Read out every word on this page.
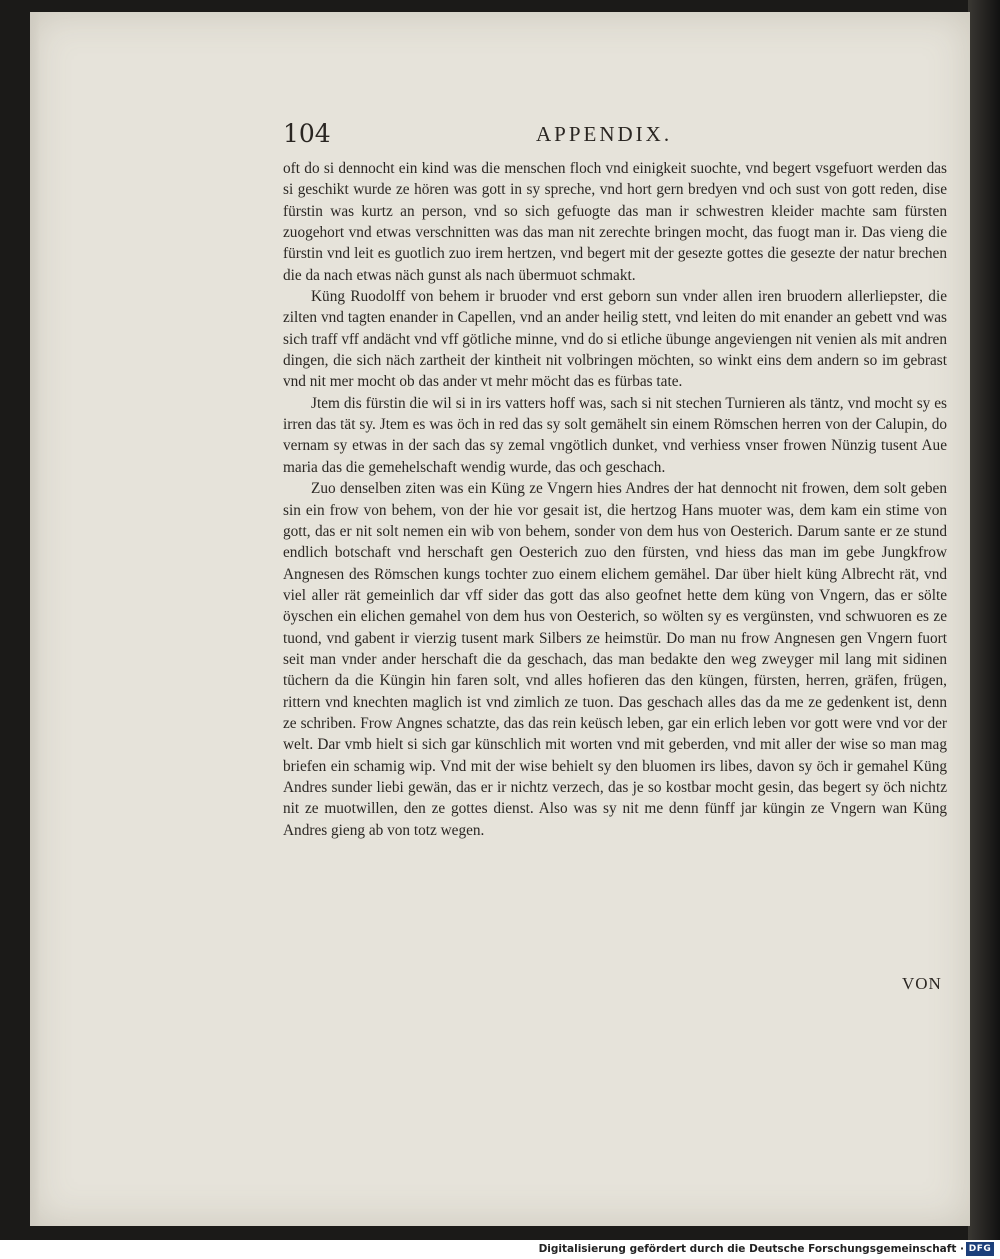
104	APPENDIX.

oft do si dennocht ein kind was die menschen floch vnd einigkeit suochte, vnd begert vsgefuort werden das si geschikt wurde ze hören was gott in sy spreche, vnd hort gern bredyen vnd och sust von gott reden, dise fürstin was kurtz an person, vnd so sich gefuogte das man ir schwestren kleider machte sam fürsten zuogehort vnd etwas verschnitten was das man nit zerechte bringen mocht, das fuogt man ir. Das vieng die fürstin vnd leit es guotlich zuo irem hertzen, vnd begert mit der gesezte gottes die gesezte der natur brechen die da nach etwas näch gunst als nach übermuot schmakt.

Küng Ruodolff von behem ir bruoder vnd erst geborn sun vnder allen iren bruodern allerliepster, die zilten vnd tagten enander in Capellen, vnd an ander heilig stett, vnd leiten do mit enander an gebett vnd was sich traff vff andächt vnd vff götliche minne, vnd do si etliche übunge angeviengen nit venien als mit andren dingen, die sich näch zartheit der kintheit nit volbringen möchten, so winkt eins dem andern so im gebrast vnd nit mer mocht ob das ander vt mehr möcht das es fürbas tate.

Jtem dis fürstin die wil si in irs vatters hoff was, sach si nit stechen Turnieren als täntz, vnd mocht sy es irren das tät sy. Jtem es was öch in red das sy solt gemähelt sin einem Römschen herren von der Calupin, do vernam sy etwas in der sach das sy zemal vngötlich dunket, vnd verhiess vnser frowen Nünzig tusent Aue maria das die gemehelschaft wendig wurde, das och geschach.

Zuo denselben ziten was ein Küng ze Vngern hies Andres der hat dennocht nit frowen, dem solt geben sin ein frow von behem, von der hie vor gesait ist, die hertzog Hans muoter was, dem kam ein stime von gott, das er nit solt nemen ein wib von behem, sonder von dem hus von Oesterich. Darum sante er ze stund endlich botschaft vnd herschaft gen Oesterich zuo den fürsten, vnd hiess das man im gebe Jungkfrow Angnesen des Römschen kungs tochter zuo einem elichem gemähel. Dar über hielt küng Albrecht rät, vnd viel aller rät gemeinlich dar vff sider das gott das also geofnet hette dem küng von Vngern, das er sölte öyschen ein elichen gemahel von dem hus von Oesterich, so wölten sy es vergünsten, vnd schwuoren es ze tuond, vnd gabent ir vierzig tusent mark Silbers ze heimstür. Do man nu frow Angnesen gen Vngern fuort seit man vnder ander herschaft die da geschach, das man bedakte den weg zweyger mil lang mit sidinen tüchern da die Küngin hin faren solt, vnd alles hofieren das den küngen, fürsten, herren, gräfen, frügen, rittern vnd knechten maglich ist vnd zimlich ze tuon. Das geschach alles das da me ze gedenkent ist, denn ze schriben. Frow Angnes schatzte, das das rein keüsch leben, gar ein erlich leben vor gott were vnd vor der welt. Dar vmb hielt si sich gar künschlich mit worten vnd mit geberden, vnd mit aller der wise so man mag briefen ein schamig wip. Vnd mit der wise behielt sy den bluomen irs libes, davon sy öch ir gemahel Küng Andres sunder liebi gewän, das er ir nichtz verzech, das je so kostbar mocht gesin, das begert sy öch nichtz nit ze muotwillen, den ze gottes dienst. Also was sy nit me denn fünff jar küngin ze Vngern wan Küng Andres gieng ab von totz wegen.

VON
Digitalisierung gefördert durch die Deutsche Forschungsgemeinschaft · DFG
